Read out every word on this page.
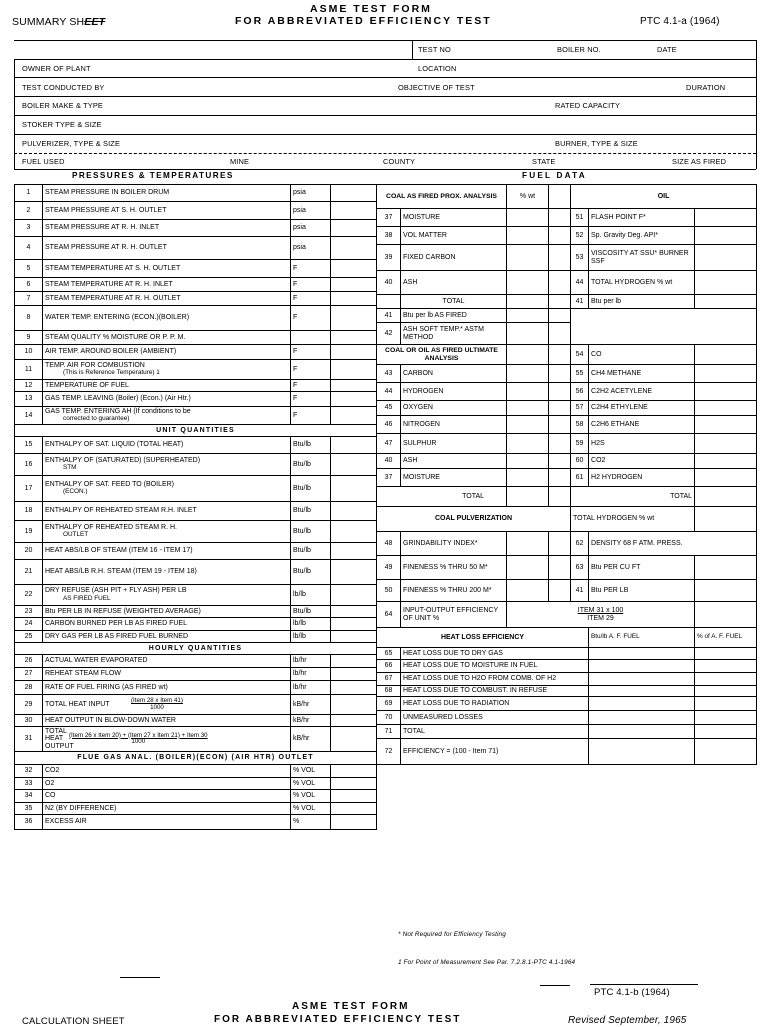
SUMMARY SHEET
ASME TEST FORM
FOR ABBREVIATED EFFICIENCY TEST	PTC 4.1-a (1964)
TEST NO	BOILER NO.	DATE
OWNER OF PLANT	LOCATION
TEST CONDUCTED BY	OBJECTIVE OF TEST	DURATION
BOILER MAKE & TYPE	RATED CAPACITY
STOKER TYPE & SIZE
PULVERIZER, TYPE & SIZE	BURNER, TYPE & SIZE
FUEL USED	MINE	COUNTY	STATE	SIZE AS FIRED
PRESSURES & TEMPERATURES	FUEL DATA
1	STEAM PRESSURE IN BOILER DRUM	psia	
2	STEAM PRESSURE AT S. H. OUTLET	psia	
3	STEAM PRESSURE AT R. H. INLET	psia	
4	STEAM PRESSURE AT R. H. OUTLET	psia	
5	STEAM TEMPERATURE AT S. H. OUTLET	F	
6	STEAM TEMPERATURE AT R. H. INLET	F	
7	STEAM TEMPERATURE AT R. H. OUTLET	F	
8	WATER TEMP. ENTERING (ECON.)(BOILER)	F	
9	STEAM QUALITY % MOISTURE OR P. P. M.		
10	AIR TEMP. AROUND BOILER (AMBIENT)	F	
11	TEMP. AIR FOR COMBUSTION
(This is Reference Temperature) 1	F	
12	TEMPERATURE OF FUEL	F	
13	GAS TEMP. LEAVING (Boiler) (Econ.) (Air Htr.)	F	
14	GAS TEMP. ENTERING AH (If conditions to be
corrected to guarantee)	F	
UNIT QUANTITIES			
15	ENTHALPY OF SAT. LIQUID (TOTAL HEAT)	Btu/lb	
16	ENTHALPY OF (SATURATED) (SUPERHEATED)
STM	Btu/lb	
17	ENTHALPY OF SAT. FEED TO (BOILER)
(ECON.)	Btu/lb	
18	ENTHALPY OF REHEATED STEAM R.H. INLET	Btu/lb	
19	ENTHALPY OF REHEATED STEAM R. H.
OUTLET	Btu/lb	
20	HEAT ABS/LB OF STEAM (ITEM 16 - ITEM 17)	Btu/lb	
21	HEAT ABS/LB R.H. STEAM (ITEM 19 - ITEM 18)	Btu/lb	
22	DRY REFUSE (ASH PIT + FLY ASH) PER LB
AS FIRED FUEL	lb/lb	
23	Btu PER LB IN REFUSE (WEIGHTED AVERAGE)	Btu/lb	
24	CARBON BURNED PER LB AS FIRED FUEL	lb/lb	
25	DRY GAS PER LB AS FIRED FUEL BURNED	lb/lb	
HOURLY QUANTITIES			
26	ACTUAL WATER EVAPORATED	lb/hr	
27	REHEAT STEAM FLOW	lb/hr	
28	RATE OF FUEL FIRING (AS FIRED wt)	lb/hr	
29	TOTAL HEAT INPUT(Item 28 x Item 41)
1000	kB/hr	
30	HEAT OUTPUT IN BLOW-DOWN WATER	kB/hr	
31	TOTAL HEAT OUTPUT(Item 26 x Item 20) + (Item 27 x Item 21) + Item 30
1000	kB/hr	
FLUE GAS ANAL. (BOILER)(ECON) (AIR HTR) OUTLET			
32	CO2	% VOL	
33	O2	% VOL	
34	CO	% VOL	
35	N2 (BY DIFFERENCE)	% VOL	
36	EXCESS AIR	%	
COAL AS FIRED PROX. ANALYSIS		% wt		OIL		
37	MOISTURE			51	FLASH POINT F*	
38	VOL MATTER			52	Sp. Gravity Deg. API*	
39	FIXED CARBON			53	VISCOSITY AT SSU* BURNER SSF	
40	ASH			44	TOTAL HYDROGEN % wt	
	TOTAL			41	Btu per lb	
41	Btu per lb AS FIRED					
42	ASH SOFT TEMP.* ASTM METHOD					
COAL OR OIL AS FIRED ULTIMATE ANALYSIS				54	CO	
43	CARBON			55	CH4 METHANE	
44	HYDROGEN			56	C2H2 ACETYLENE	
45	OXYGEN			57	C2H4 ETHYLENE	
46	NITROGEN			58	C2H6 ETHANE	
47	SULPHUR			59	H2S	
40	ASH			60	CO2	
37	MOISTURE			61	H2 HYDROGEN	
TOTAL				TOTAL		
COAL PULVERIZATION				TOTAL HYDROGEN % wt		
48	GRINDABILITY INDEX*			62	DENSITY 68 F ATM. PRESS.	
49	FINENESS % THRU 50 M*			63	Btu PER CU FT	
50	FINENESS % THRU 200 M*			41	Btu PER LB	
64	INPUT-OUTPUT EFFICIENCY OF UNIT %	ITEM 31 x 100
ITEM 29				
HEAT LOSS EFFICIENCY					Btu/lb A. F. FUEL	% of A. F. FUEL
65	HEAT LOSS DUE TO DRY GAS					
66	HEAT LOSS DUE TO MOISTURE IN FUEL					
67	HEAT LOSS DUE TO H2O FROM COMB. OF H2					
68	HEAT LOSS DUE TO COMBUST. IN REFUSE					
69	HEAT LOSS DUE TO RADIATION					
70	UNMEASURED LOSSES					
71	TOTAL					
72	EFFICIENCY = (100 - Item 71)					
* Not Required for Efficiency Testing
1 For Point of Measurement See Par. 7.2.8.1-PTC 4.1-1964
PTC 4.1-b (1964)
ASME TEST FORM
CALCULATION SHEET	FOR ABBREVIATED EFFICIENCY TEST	Revised September, 1965
